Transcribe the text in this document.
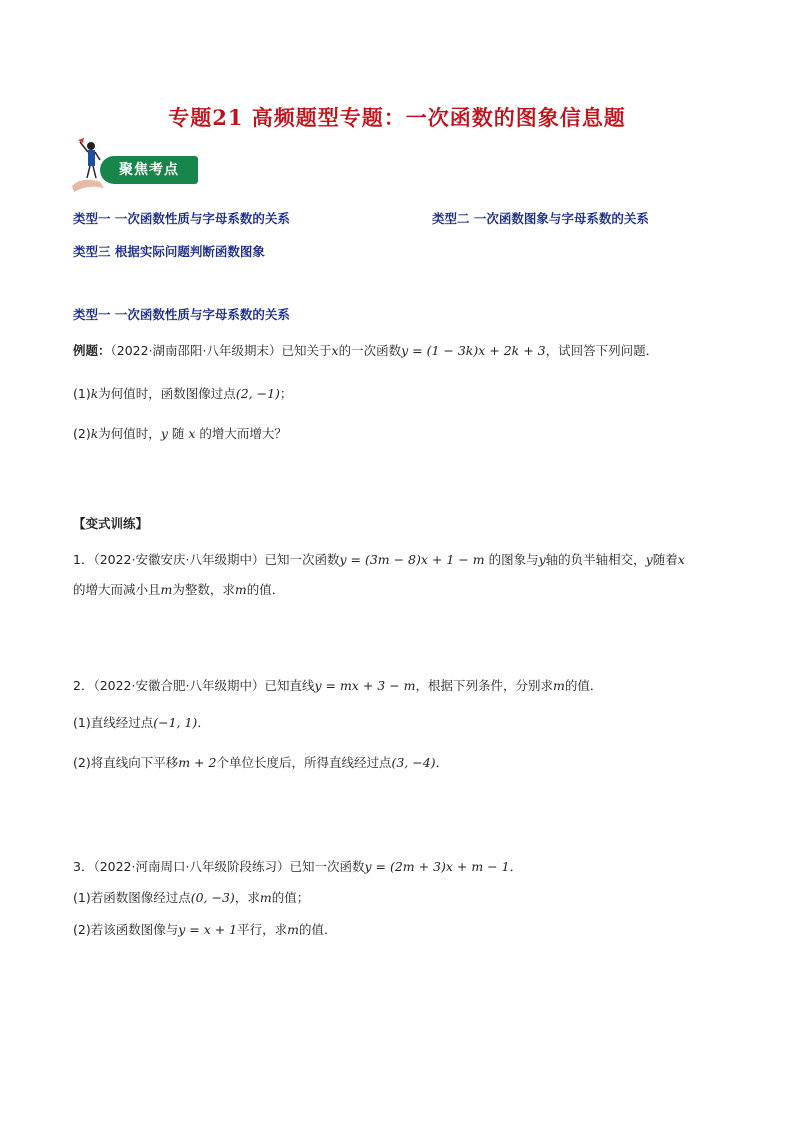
专题21 高频题型专题：一次函数的图象信息题
聚焦考点
类型一 一次函数性质与字母系数的关系	类型二 一次函数图象与字母系数的关系
类型三 根据实际问题判断函数图象
类型一 一次函数性质与字母系数的关系
例题：（2022·湖南邵阳·八年级期末）已知关于x的一次函数y = (1 − 3k)x + 2k + 3，试回答下列问题．
(1)k为何值时，函数图像过点(2, −1)；
(2)k为何值时，y 随 x 的增大而增大？
【变式训练】
1．（2022·安徽安庆·八年级期中）已知一次函数y = (3m − 8)x + 1 − m 的图象与y轴的负半轴相交，y随着x
的增大而减小且m为整数，求m的值．
2．（2022·安徽合肥·八年级期中）已知直线y = mx + 3 − m，根据下列条件，分别求m的值．
(1)直线经过点(−1, 1)．
(2)将直线向下平移m + 2个单位长度后，所得直线经过点(3, −4)．
3．（2022·河南周口·八年级阶段练习）已知一次函数y = (2m + 3)x + m − 1．
(1)若函数图像经过点(0, −3)，求m的值；
(2)若该函数图像与y = x + 1平行，求m的值．
